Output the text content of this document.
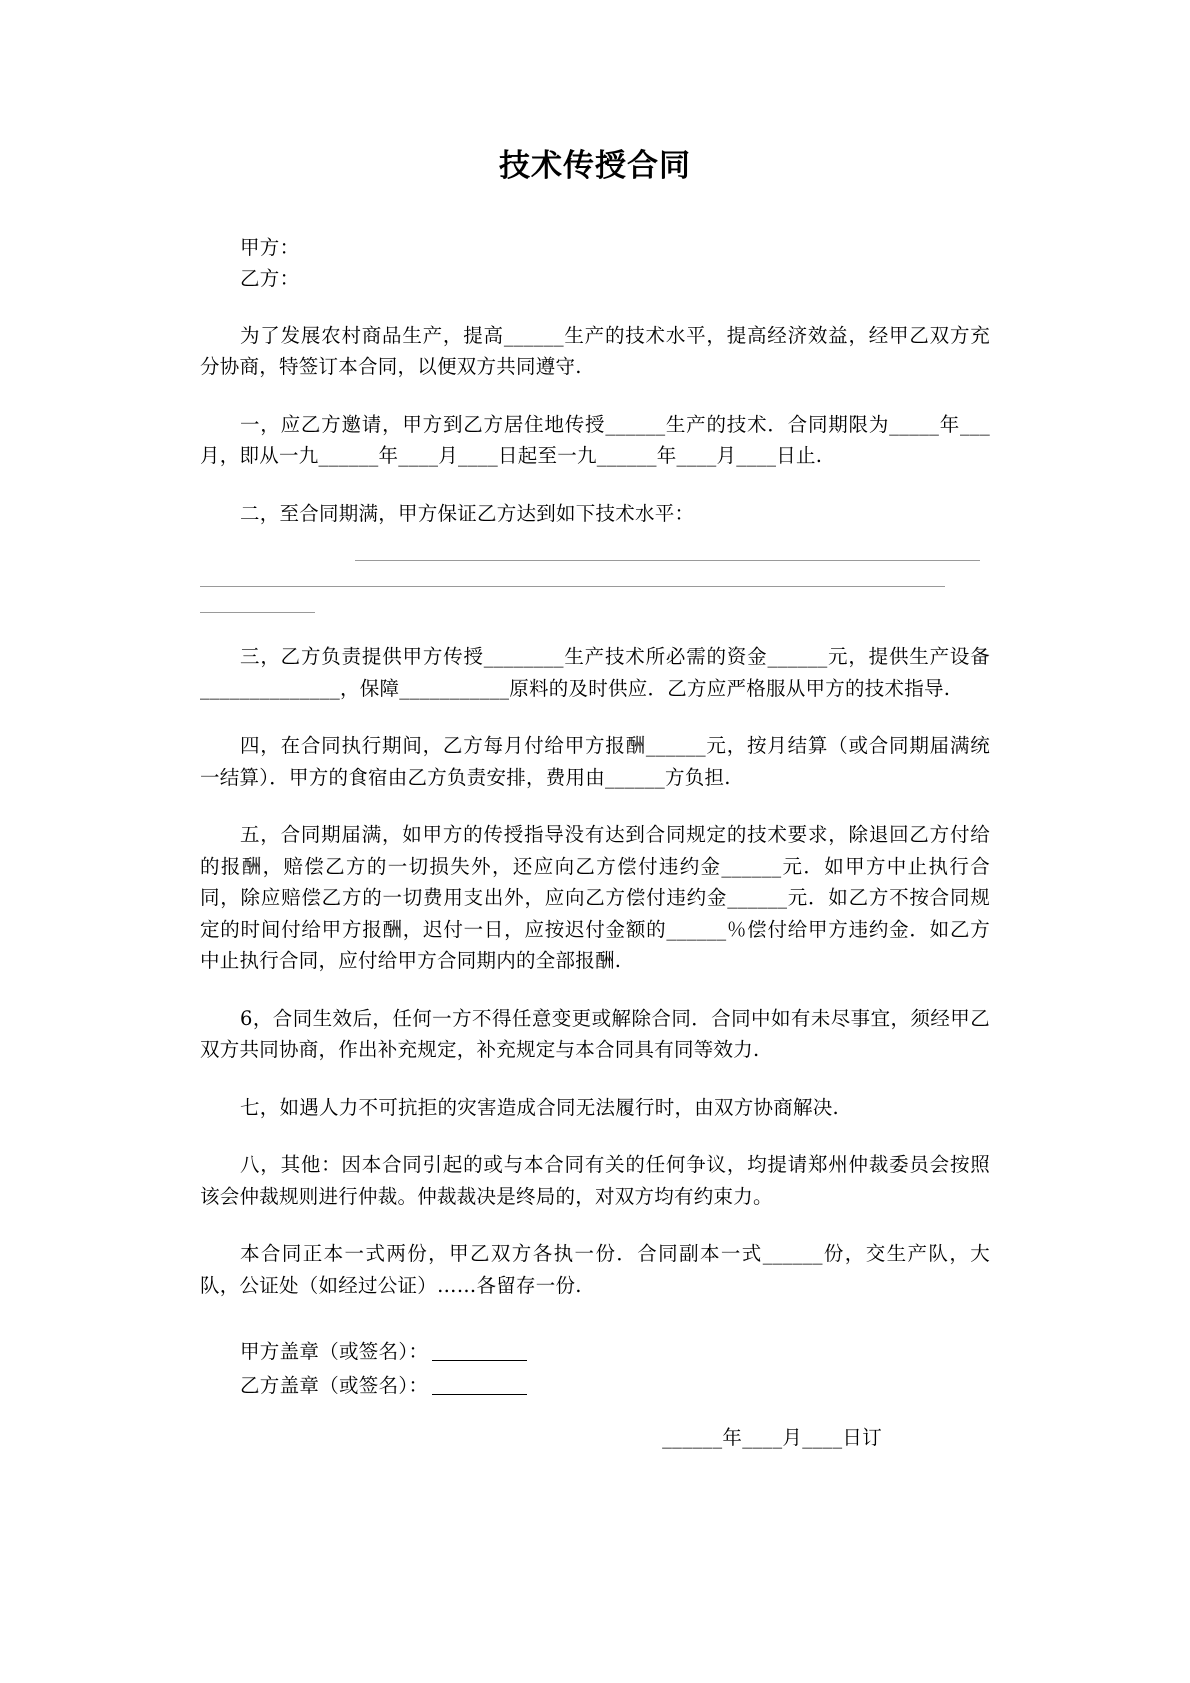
技术传授合同
甲方：
乙方：

为了发展农村商品生产，提高______生产的技术水平，提高经济效益，经甲乙双方充分协商，特签订本合同，以便双方共同遵守.

一，应乙方邀请，甲方到乙方居住地传授______生产的技术．合同期限为_____年___月，即从一九______年____月____日起至一九______年____月____日止.

二，至合同期满，甲方保证乙方达到如下技术水平：

三，乙方负责提供甲方传授________生产技术所必需的资金______元，提供生产设备______________，保障___________原料的及时供应．乙方应严格服从甲方的技术指导.

四，在合同执行期间，乙方每月付给甲方报酬______元，按月结算（或合同期届满统一结算）．甲方的食宿由乙方负责安排，费用由______方负担.

五，合同期届满，如甲方的传授指导没有达到合同规定的技术要求，除退回乙方付给的报酬，赔偿乙方的一切损失外，还应向乙方偿付违约金______元．如甲方中止执行合同，除应赔偿乙方的一切费用支出外，应向乙方偿付违约金______元．如乙方不按合同规定的时间付给甲方报酬，迟付一日，应按迟付金额的______％偿付给甲方违约金．如乙方中止执行合同，应付给甲方合同期内的全部报酬.

6，合同生效后，任何一方不得任意变更或解除合同．合同中如有未尽事宜，须经甲乙双方共同协商，作出补充规定，补充规定与本合同具有同等效力.

七，如遇人力不可抗拒的灾害造成合同无法履行时，由双方协商解决.

八，其他：因本合同引起的或与本合同有关的任何争议，均提请郑州仲裁委员会按照该会仲裁规则进行仲裁。仲裁裁决是终局的，对双方均有约束力。

本合同正本一式两份，甲乙双方各执一份．合同副本一式______份，交生产队，大队，公证处（如经过公证）……各留存一份.

甲方盖章（或签名）：
乙方盖章（或签名）：
______年____月____日订
